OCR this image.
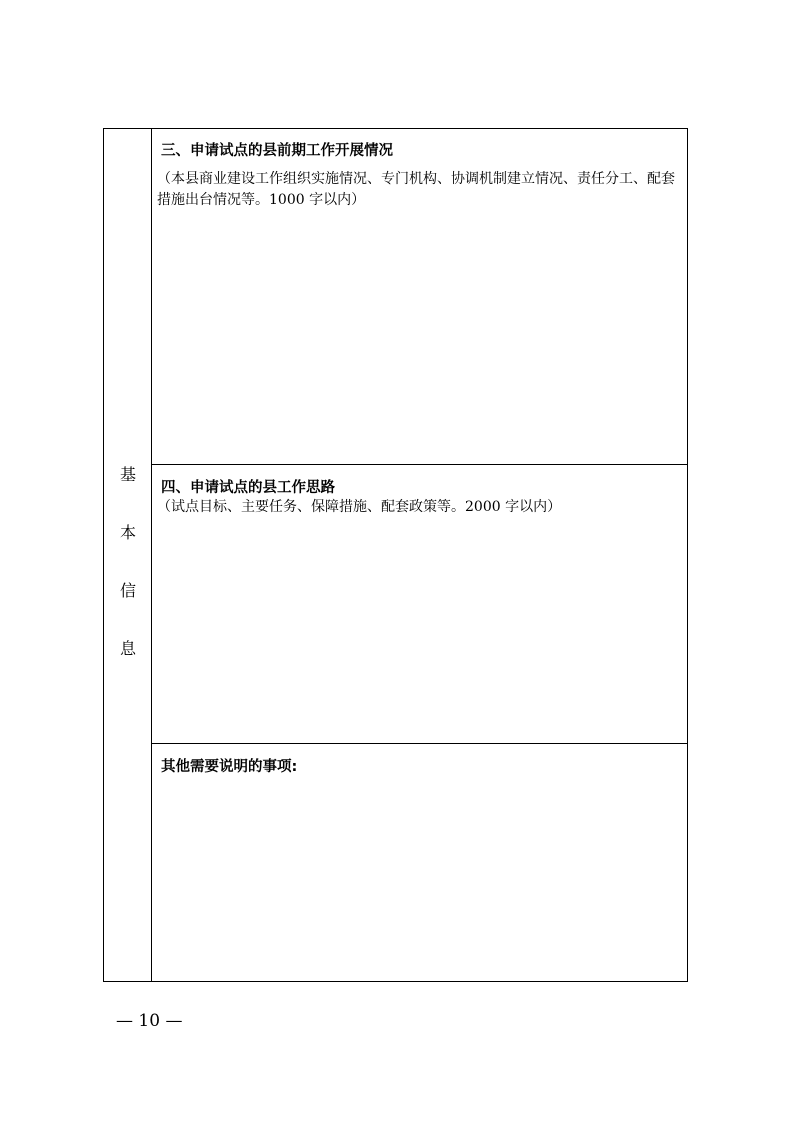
基
本
信
息
三、申请试点的县前期工作开展情况
（本县商业建设工作组织实施情况、专门机构、协调机制建立情况、责任分工、配套措施出台情况等。1000 字以内）
四、申请试点的县工作思路
（试点目标、主要任务、保障措施、配套政策等。2000 字以内）
其他需要说明的事项:
— 10 —
